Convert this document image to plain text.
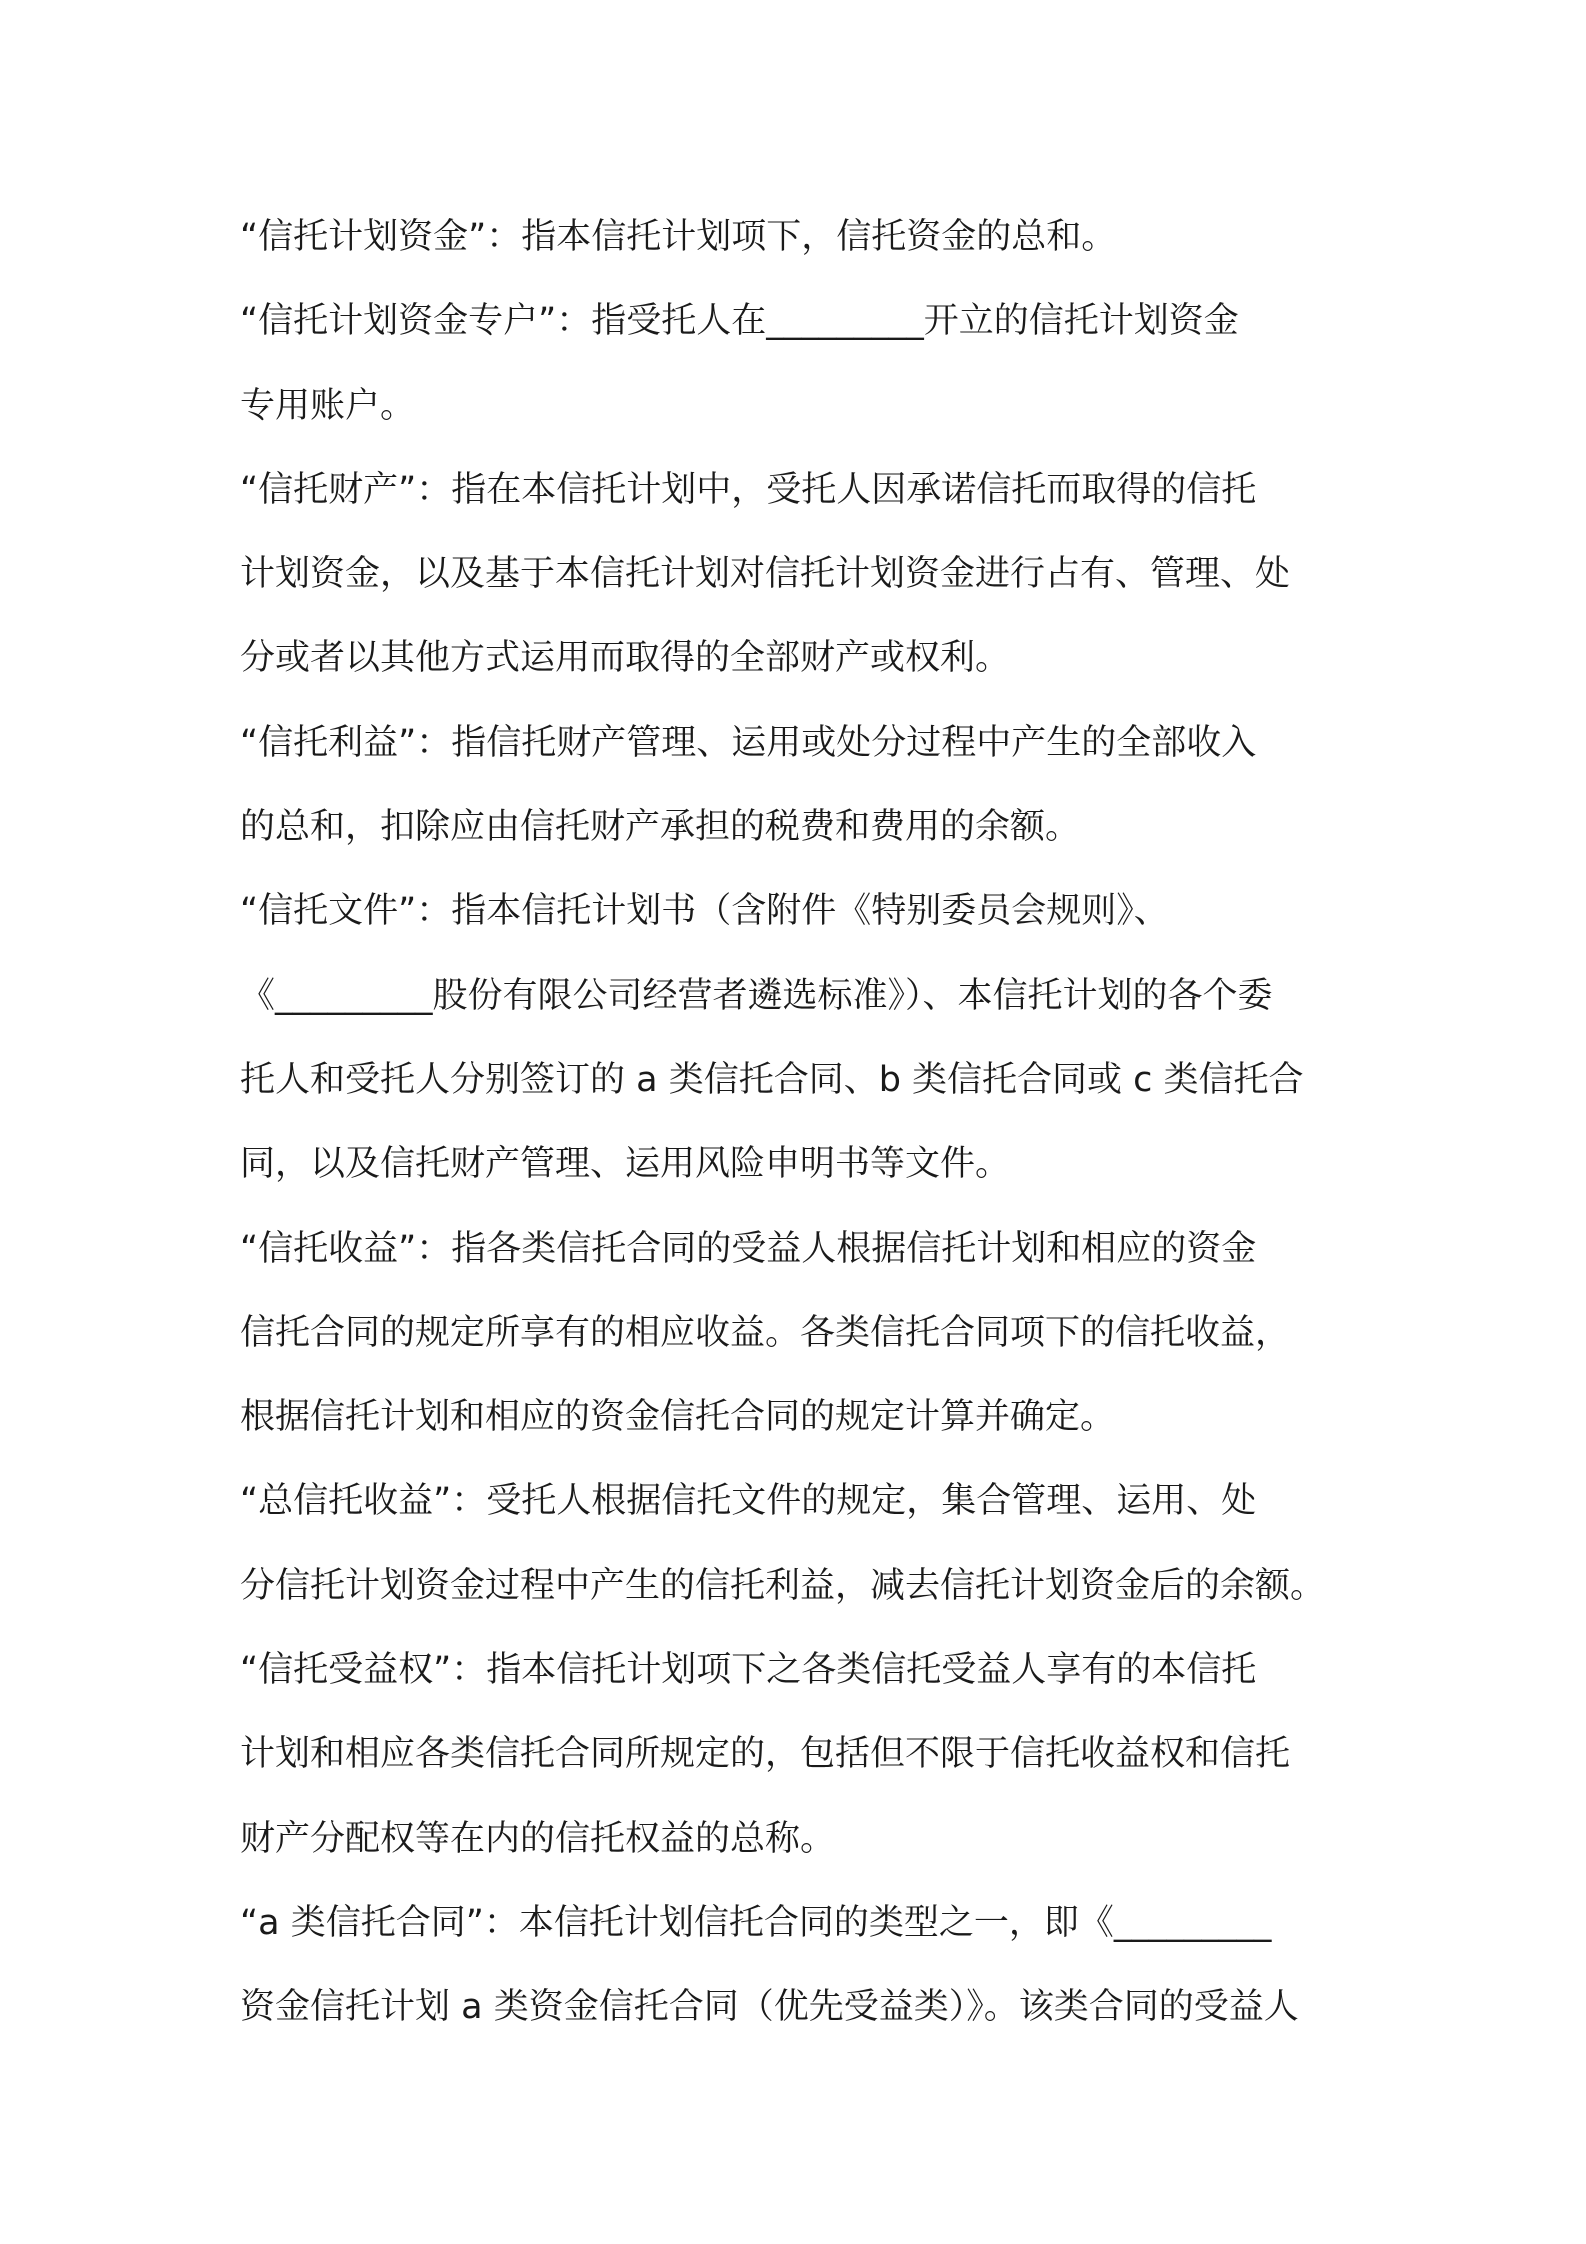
“信托计划资金”：指本信托计划项下，信托资金的总和。

“信托计划资金专户”：指受托人在_________开立的信托计划资金

专用账户。

“信托财产”：指在本信托计划中，受托人因承诺信托而取得的信托

计划资金，以及基于本信托计划对信托计划资金进行占有、管理、处

分或者以其他方式运用而取得的全部财产或权利。

“信托利益”：指信托财产管理、运用或处分过程中产生的全部收入

的总和，扣除应由信托财产承担的税费和费用的余额。

“信托文件”：指本信托计划书（含附件《特别委员会规则》、

《_________股份有限公司经营者遴选标准》）、本信托计划的各个委

托人和受托人分别签订的 a 类信托合同、b 类信托合同或 c 类信托合

同，以及信托财产管理、运用风险申明书等文件。

“信托收益”：指各类信托合同的受益人根据信托计划和相应的资金

信托合同的规定所享有的相应收益。各类信托合同项下的信托收益，

根据信托计划和相应的资金信托合同的规定计算并确定。

“总信托收益”：受托人根据信托文件的规定，集合管理、运用、处

分信托计划资金过程中产生的信托利益，减去信托计划资金后的余额。

“信托受益权”：指本信托计划项下之各类信托受益人享有的本信托

计划和相应各类信托合同所规定的，包括但不限于信托收益权和信托

财产分配权等在内的信托权益的总称。

“a 类信托合同”：本信托计划信托合同的类型之一，即《_________

资金信托计划 a 类资金信托合同（优先受益类）》。该类合同的受益人
